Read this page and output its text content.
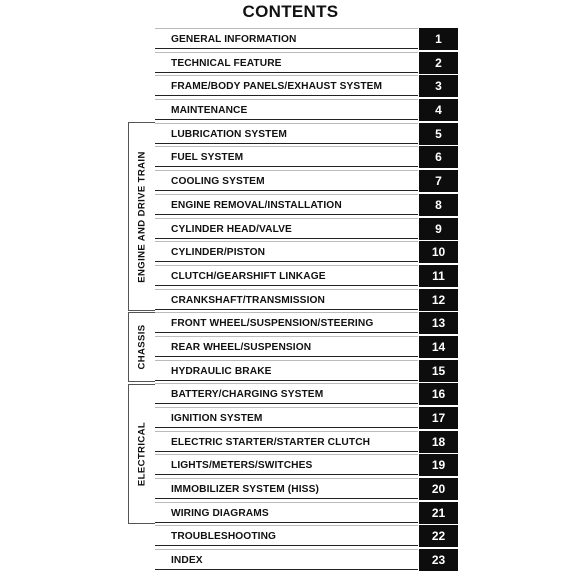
CONTENTS
ENGINE AND DRIVE TRAIN
CHASSIS
ELECTRICAL
GENERAL INFORMATION	1
TECHNICAL FEATURE	2
FRAME/BODY PANELS/EXHAUST SYSTEM	3
MAINTENANCE	4
LUBRICATION SYSTEM	5
FUEL SYSTEM	6
COOLING SYSTEM	7
ENGINE REMOVAL/INSTALLATION	8
CYLINDER HEAD/VALVE	9
CYLINDER/PISTON	10
CLUTCH/GEARSHIFT LINKAGE	11
CRANKSHAFT/TRANSMISSION	12
FRONT WHEEL/SUSPENSION/STEERING	13
REAR WHEEL/SUSPENSION	14
HYDRAULIC BRAKE	15
BATTERY/CHARGING SYSTEM	16
IGNITION SYSTEM	17
ELECTRIC STARTER/STARTER CLUTCH	18
LIGHTS/METERS/SWITCHES	19
IMMOBILIZER SYSTEM (HISS)	20
WIRING DIAGRAMS	21
TROUBLESHOOTING	22
INDEX	23
